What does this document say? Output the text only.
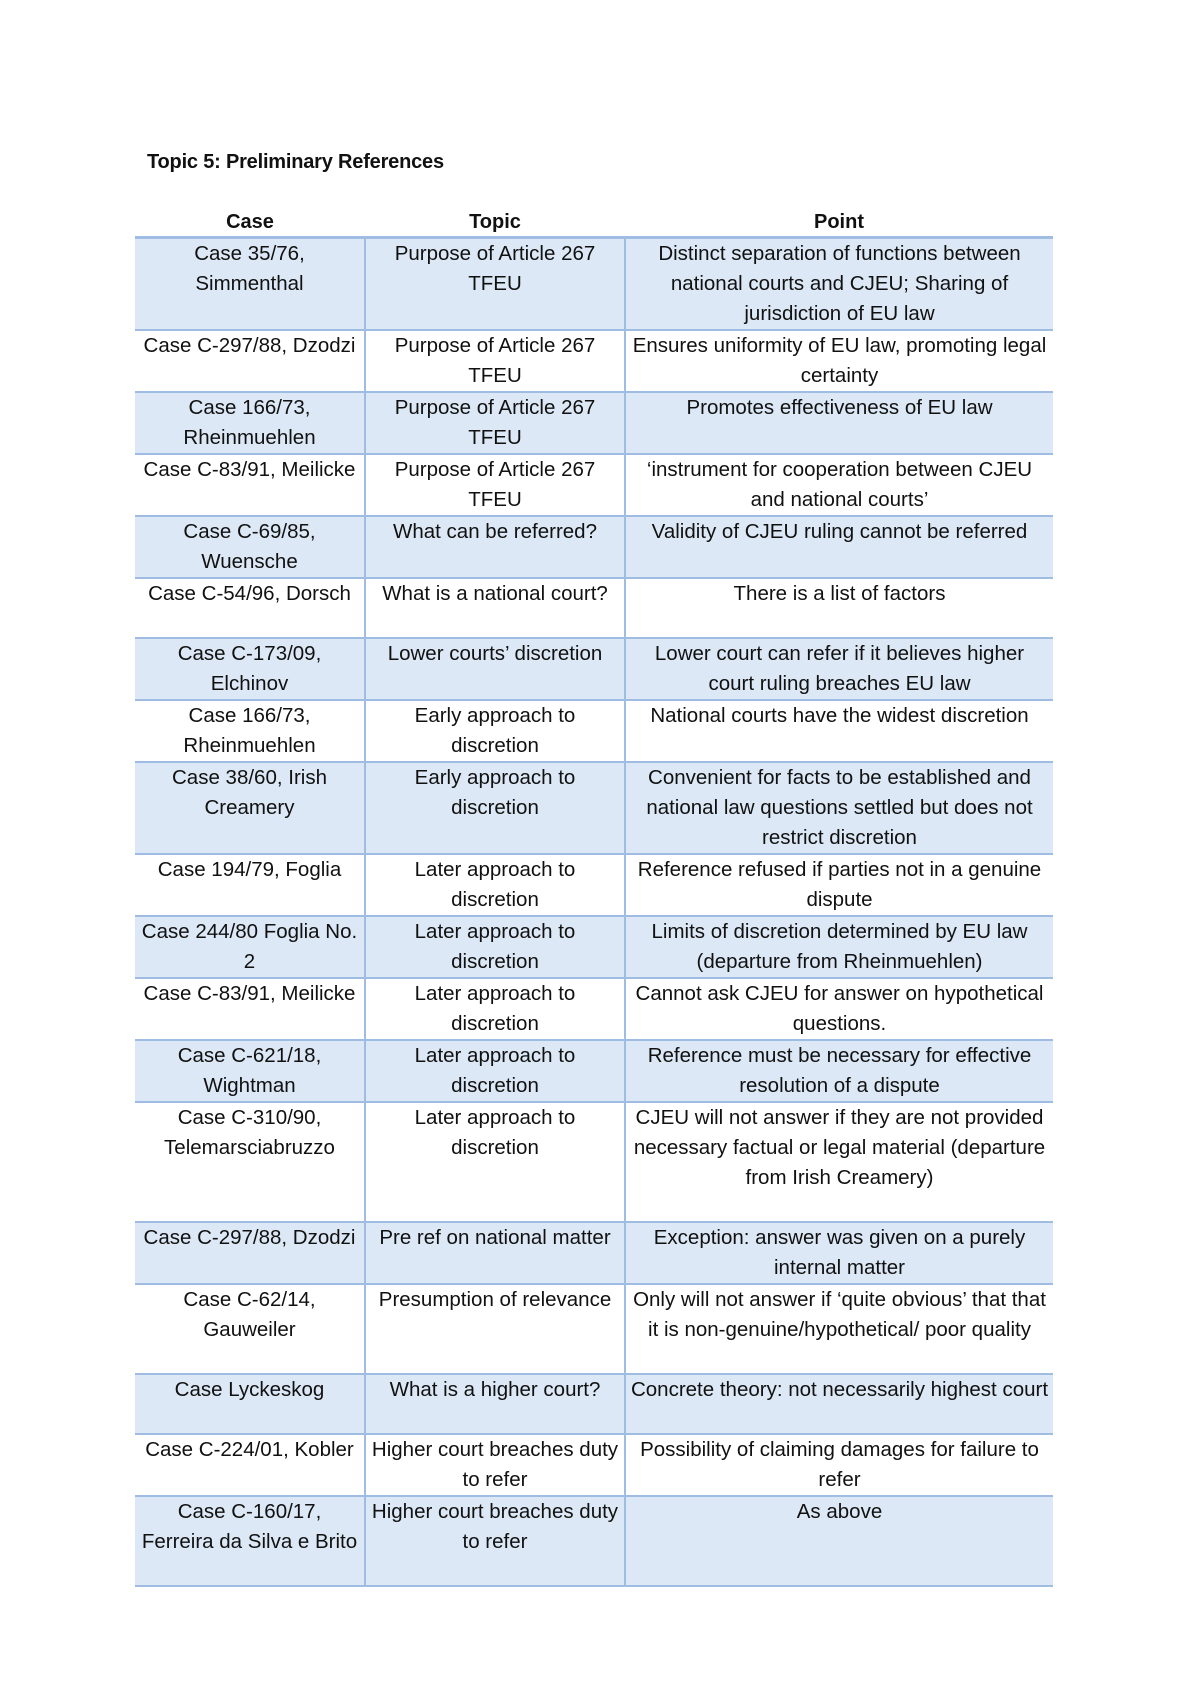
Topic 5: Preliminary References
Case	Topic	Point

Case 35/76, Simmenthal	Purpose of Article 267 TFEU	Distinct separation of functions between national courts and CJEU; Sharing of jurisdiction of EU law

Case C-297/88, Dzodzi	Purpose of Article 267 TFEU	Ensures uniformity of EU law, promoting legal certainty

Case 166/73, Rheinmuehlen	Purpose of Article 267 TFEU	Promotes effectiveness of EU law

Case C-83/91, Meilicke	Purpose of Article 267 TFEU	‘instrument for cooperation between CJEU and national courts’

Case C-69/85, Wuensche	What can be referred?	Validity of CJEU ruling cannot be referred

Case C-54/96, Dorsch	What is a national court?	There is a list of factors

Case C-173/09, Elchinov	Lower courts’ discretion	Lower court can refer if it believes higher court ruling breaches EU law

Case 166/73, Rheinmuehlen	Early approach to discretion	National courts have the widest discretion

Case 38/60, Irish Creamery	Early approach to discretion	Convenient for facts to be established and national law questions settled but does not restrict discretion

Case 194/79, Foglia	Later approach to discretion	Reference refused if parties not in a genuine dispute

Case 244/80 Foglia No. 2	Later approach to discretion	Limits of discretion determined by EU law (departure from Rheinmuehlen)

Case C-83/91, Meilicke	Later approach to discretion	Cannot ask CJEU for answer on hypothetical questions.

Case C-621/18, Wightman	Later approach to discretion	Reference must be necessary for effective resolution of a dispute

Case C-310/90, Telemarsciabruzzo	Later approach to discretion	CJEU will not answer if they are not provided necessary factual or legal material (departure from Irish Creamery)

Case C-297/88, Dzodzi	Pre ref on national matter	Exception: answer was given on a purely internal matter

Case C-62/14, Gauweiler	Presumption of relevance	Only will not answer if ‘quite obvious’ that that it is non-genuine/hypothetical/ poor quality

Case Lyckeskog	What is a higher court?	Concrete theory: not necessarily highest court

Case C-224/01, Kobler	Higher court breaches duty to refer	Possibility of claiming damages for failure to refer

Case C-160/17, Ferreira da Silva e Brito	Higher court breaches duty to refer	As above
